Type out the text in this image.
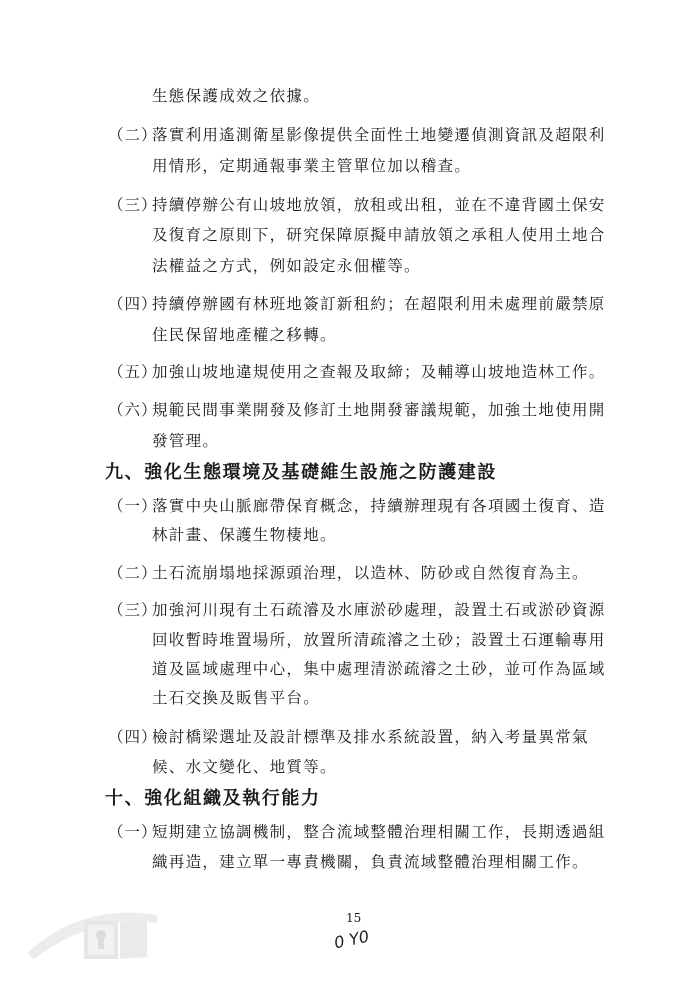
生態保護成效之依據。
（二）
落實利用遙測衛星影像提供全面性土地變遷偵測資訊及超限利
用情形，定期通報事業主管單位加以稽查。
（三）
持續停辦公有山坡地放領，放租或出租，並在不違背國土保安
及復育之原則下，研究保障原擬申請放領之承租人使用土地合
法權益之方式，例如設定永佃權等。
（四）
持續停辦國有林班地簽訂新租約；在超限利用未處理前嚴禁原
住民保留地產權之移轉。
（五）
加強山坡地違規使用之查報及取締；及輔導山坡地造林工作。
（六）
規範民間事業開發及修訂土地開發審議規範，加強土地使用開
發管理。
九、強化生態環境及基礎維生設施之防護建設
（一）
落實中央山脈廊帶保育概念，持續辦理現有各項國土復育、造
林計畫、保護生物棲地。
（二）
土石流崩塌地採源頭治理，以造林、防砂或自然復育為主。
（三）
加強河川現有土石疏濬及水庫淤砂處理，設置土石或淤砂資源
回收暫時堆置場所，放置所清疏濬之土砂；設置土石運輸專用
道及區域處理中心，集中處理清淤疏濬之土砂，並可作為區域
土石交換及販售平台。
（四）
檢討橋梁選址及設計標準及排水系統設置，納入考量異常氣
候、水文變化、地質等。
十、強化組織及執行能力
（一）
短期建立協調機制，整合流域整體治理相關工作，長期透過組
織再造，建立單一專責機關，負責流域整體治理相關工作。
15
0 Y0
